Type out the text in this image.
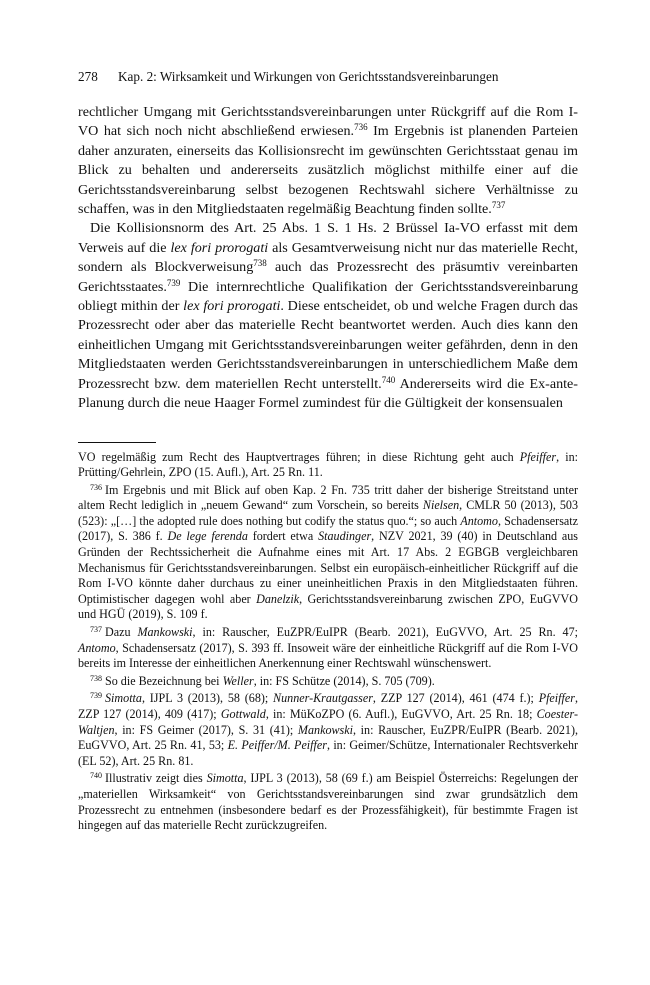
278	Kap. 2: Wirksamkeit und Wirkungen von Gerichtsstandsvereinbarungen

rechtlicher Umgang mit Gerichtsstandsvereinbarungen unter Rückgriff auf die Rom I-VO hat sich noch nicht abschließend erwiesen.$^{736}$ Im Ergebnis ist planenden Parteien daher anzuraten, einerseits das Kollisionsrecht im gewünschten Gerichtsstaat genau im Blick zu behalten und andererseits zusätzlich möglichst mithilfe einer auf die Gerichtsstandsvereinbarung selbst bezogenen Rechtswahl sichere Verhältnisse zu schaffen, was in den Mitgliedstaaten regelmäßig Beachtung finden sollte.$^{737}$

Die Kollisionsnorm des Art. 25 Abs. 1 S. 1 Hs. 2 Brüssel Ia-VO erfasst mit dem Verweis auf die lex fori prorogati als Gesamtverweisung nicht nur das materielle Recht, sondern als Blockverweisung$^{738}$ auch das Prozessrecht des präsumtiv vereinbarten Gerichtsstaates.$^{739}$ Die internrechtliche Qualifikation der Gerichtsstandsvereinbarung obliegt mithin der lex fori prorogati. Diese entscheidet, ob und welche Fragen durch das Prozessrecht oder aber das materielle Recht beantwortet werden. Auch dies kann den einheitlichen Umgang mit Gerichtsstandsvereinbarungen weiter gefährden, denn in den Mitgliedstaaten werden Gerichtsstandsvereinbarungen in unterschiedlichem Maße dem Prozessrecht bzw. dem materiellen Recht unterstellt.$^{740}$ Andererseits wird die Ex-ante-Planung durch die neue Haager Formel zumindest für die Gültigkeit der konsensualen

VO regelmäßig zum Recht des Hauptvertrages führen; in diese Richtung geht auch Pfeiffer, in: Prütting/Gehrlein, ZPO (15. Aufl.), Art. 25 Rn. 11.

$^{736}$ Im Ergebnis und mit Blick auf oben Kap. 2 Fn. 735 tritt daher der bisherige Streitstand unter altem Recht lediglich in „neuem Gewand“ zum Vorschein, so bereits Nielsen, CMLR 50 (2013), 503 (523): „[…] the adopted rule does nothing but codify the status quo.“; so auch Antomo, Schadensersatz (2017), S. 386 f. De lege ferenda fordert etwa Staudinger, NZV 2021, 39 (40) in Deutschland aus Gründen der Rechtssicherheit die Aufnahme eines mit Art. 17 Abs. 2 EGBGB vergleichbaren Mechanismus für Gerichtsstandsvereinbarungen. Selbst ein europäisch-einheitlicher Rückgriff auf die Rom I-VO könnte daher durchaus zu einer uneinheitlichen Praxis in den Mitgliedstaaten führen. Optimistischer dagegen wohl aber Danelzik, Gerichtsstandsvereinbarung zwischen ZPO, EuGVVO und HGÜ (2019), S. 109 f.

$^{737}$ Dazu Mankowski, in: Rauscher, EuZPR/EuIPR (Bearb. 2021), EuGVVO, Art. 25 Rn. 47; Antomo, Schadensersatz (2017), S. 393 ff. Insoweit wäre der einheitliche Rückgriff auf die Rom I-VO bereits im Interesse der einheitlichen Anerkennung einer Rechtswahl wünschenswert.

$^{738}$ So die Bezeichnung bei Weller, in: FS Schütze (2014), S. 705 (709).

$^{739}$ Simotta, IJPL 3 (2013), 58 (68); Nunner-Krautgasser, ZZP 127 (2014), 461 (474 f.); Pfeiffer, ZZP 127 (2014), 409 (417); Gottwald, in: MüKoZPO (6. Aufl.), EuGVVO, Art. 25 Rn. 18; Coester-Waltjen, in: FS Geimer (2017), S. 31 (41); Mankowski, in: Rauscher, EuZPR/EuIPR (Bearb. 2021), EuGVVO, Art. 25 Rn. 41, 53; E. Peiffer/M. Peiffer, in: Geimer/Schütze, Internationaler Rechtsverkehr (EL 52), Art. 25 Rn. 81.

$^{740}$ Illustrativ zeigt dies Simotta, IJPL 3 (2013), 58 (69 f.) am Beispiel Österreichs: Regelungen der „materiellen Wirksamkeit“ von Gerichtsstandsvereinbarungen sind zwar grundsätzlich dem Prozessrecht zu entnehmen (insbesondere bedarf es der Prozessfähigkeit), für bestimmte Fragen ist hingegen auf das materielle Recht zurückzugreifen.
